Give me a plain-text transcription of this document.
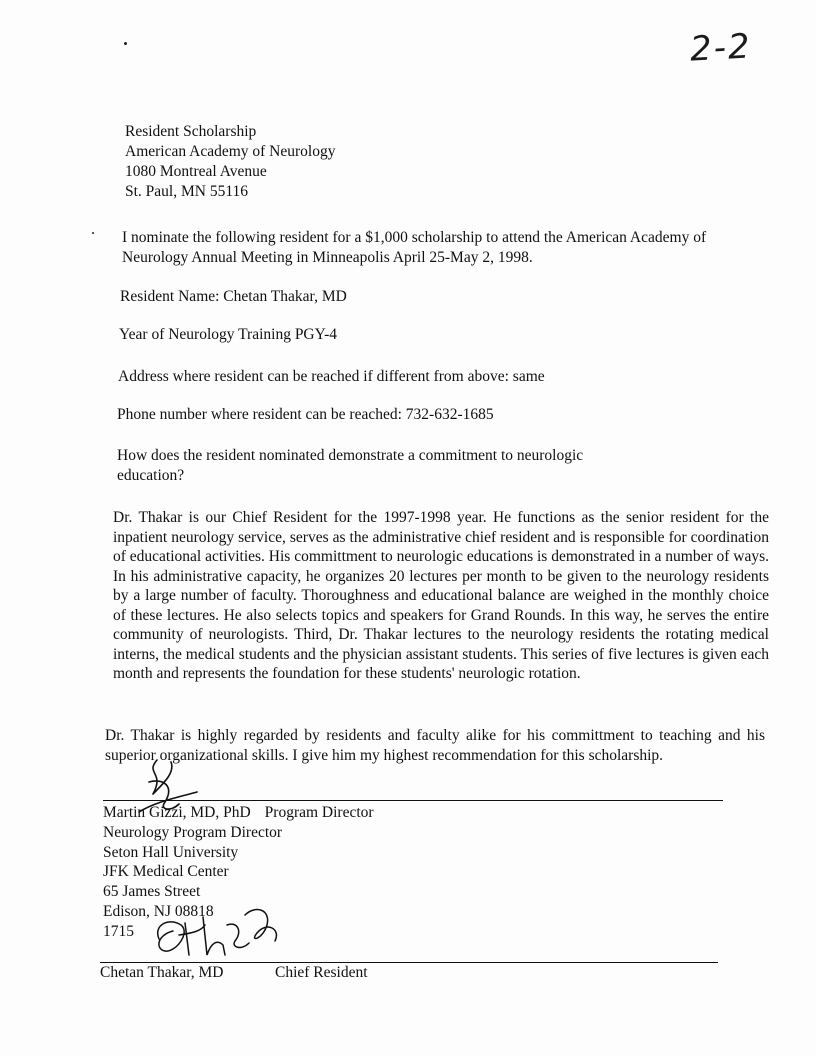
2-2
Resident Scholarship
American Academy of Neurology
1080 Montreal Avenue
St. Paul, MN 55116
I nominate the following resident for a $1,000 scholarship to attend the American Academy of
Neurology Annual Meeting in Minneapolis April 25-May 2, 1998.
Resident Name: Chetan Thakar, MD
Year of Neurology Training PGY-4
Address where resident can be reached if different from above: same
Phone number where resident can be reached: 732-632-1685
How does the resident nominated demonstrate a commitment to neurologic education?
Dr. Thakar is our Chief Resident for the 1997-1998 year. He functions as the senior resident for the inpatient neurology service, serves as the administrative chief resident and is responsible for coordination of educational activities. His committment to neurologic educations is demonstrated in a number of ways. In his administrative capacity, he organizes 20 lectures per month to be given to the neurology residents by a large number of faculty. Thoroughness and educational balance are weighed in the monthly choice of these lectures. He also selects topics and speakers for Grand Rounds. In this way, he serves the entire community of neurologists. Third, Dr. Thakar lectures to the neurology residents the rotating medical interns, the medical students and the physician assistant students. This series of five lectures is given each month and represents the foundation for these students' neurologic rotation.
Dr. Thakar is highly regarded by residents and faculty alike for his committment to teaching and his superior organizational skills. I give him my highest recommendation for this scholarship.
Martin Gizzi, MD, PhD Program Director
Neurology Program Director
Seton Hall University
JFK Medical Center
65 James Street
Edison, NJ 08818
1715
Chetan Thakar, MD	Chief Resident
